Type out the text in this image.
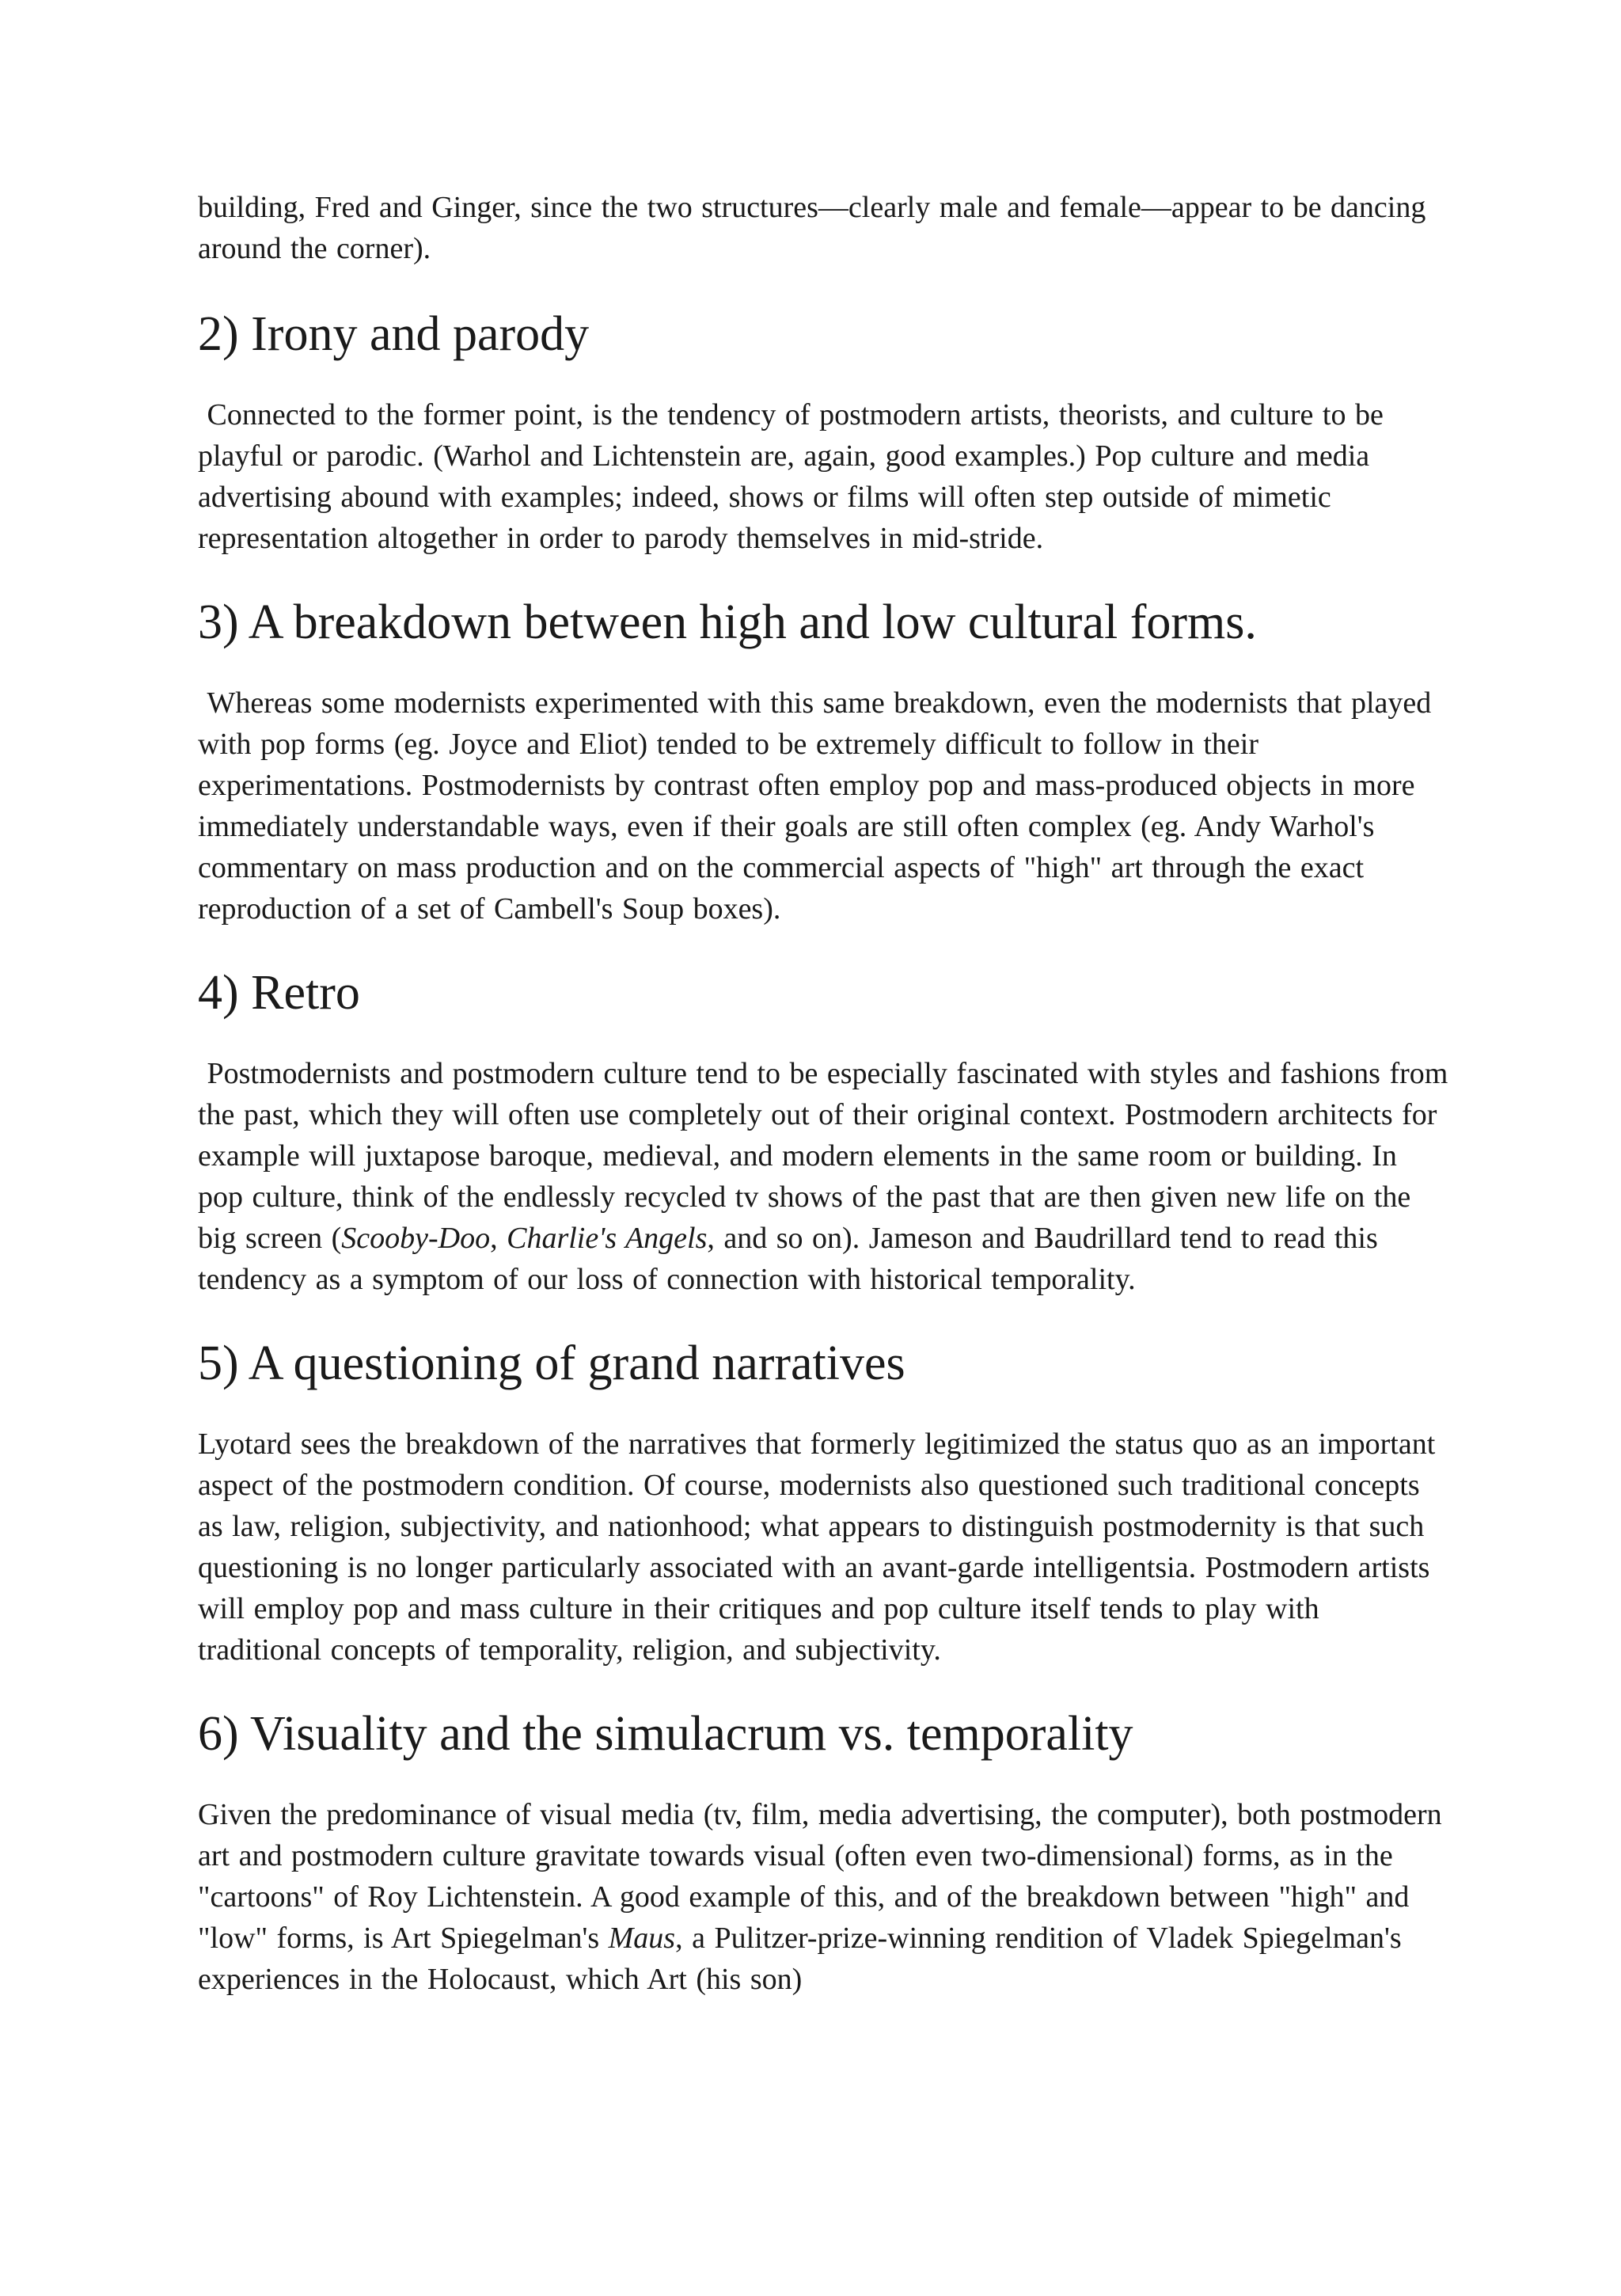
building, Fred and Ginger, since the two structures—clearly male and female—appear to be dancing around the corner).

2) Irony and parody

Connected to the former point, is the tendency of postmodern artists, theorists, and culture to be playful or parodic. (Warhol and Lichtenstein are, again, good examples.) Pop culture and media advertising abound with examples; indeed, shows or films will often step outside of mimetic representation altogether in order to parody themselves in mid-stride.

3) A breakdown between high and low cultural forms.

Whereas some modernists experimented with this same breakdown, even the modernists that played with pop forms (eg. Joyce and Eliot) tended to be extremely difficult to follow in their experimentations. Postmodernists by contrast often employ pop and mass-produced objects in more immediately understandable ways, even if their goals are still often complex (eg. Andy Warhol's commentary on mass production and on the commercial aspects of "high" art through the exact reproduction of a set of Cambell's Soup boxes).

4) Retro

Postmodernists and postmodern culture tend to be especially fascinated with styles and fashions from the past, which they will often use completely out of their original context. Postmodern architects for example will juxtapose baroque, medieval, and modern elements in the same room or building. In pop culture, think of the endlessly recycled tv shows of the past that are then given new life on the big screen (Scooby-Doo, Charlie's Angels, and so on). Jameson and Baudrillard tend to read this tendency as a symptom of our loss of connection with historical temporality.

5) A questioning of grand narratives

Lyotard sees the breakdown of the narratives that formerly legitimized the status quo as an important aspect of the postmodern condition. Of course, modernists also questioned such traditional concepts as law, religion, subjectivity, and nationhood; what appears to distinguish postmodernity is that such questioning is no longer particularly associated with an avant-garde intelligentsia. Postmodern artists will employ pop and mass culture in their critiques and pop culture itself tends to play with traditional concepts of temporality, religion, and subjectivity.

6) Visuality and the simulacrum vs. temporality

Given the predominance of visual media (tv, film, media advertising, the computer), both postmodern art and postmodern culture gravitate towards visual (often even two-dimensional) forms, as in the "cartoons" of Roy Lichtenstein. A good example of this, and of the breakdown between "high" and "low" forms, is Art Spiegelman's Maus, a Pulitzer-prize-winning rendition of Vladek Spiegelman's experiences in the Holocaust, which Art (his son)
